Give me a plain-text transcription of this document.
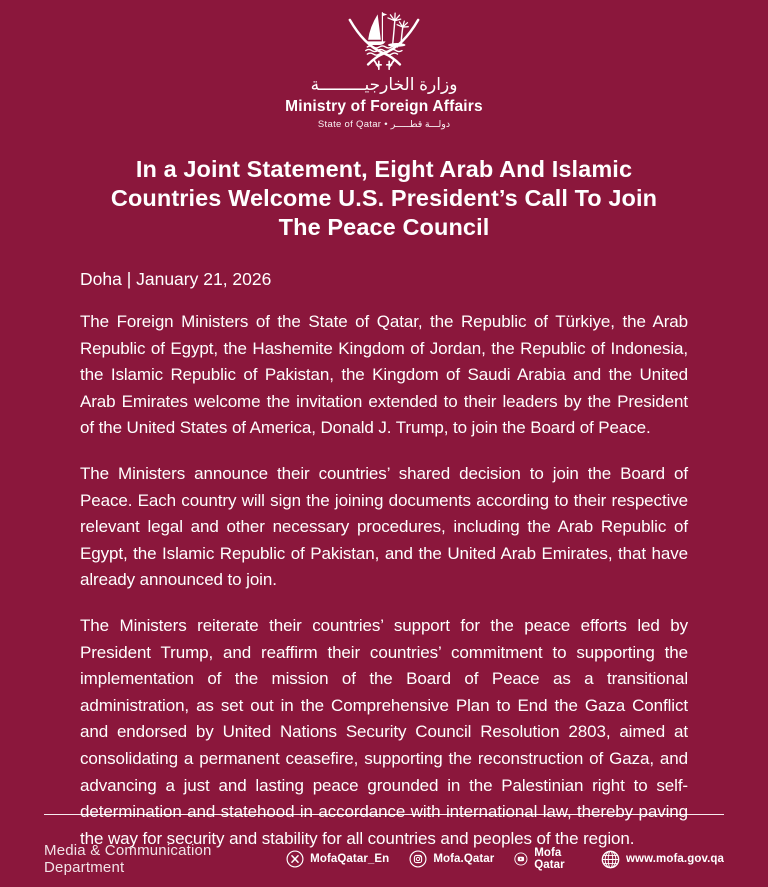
وزارة الخارجيـــــــــة
Ministry of Foreign Affairs
State of Qatar • دولـــة قطـــــر
In a Joint Statement, Eight Arab And Islamic
Countries Welcome U.S. President’s Call To Join
The Peace Council
Doha | January 21, 2026

The Foreign Ministers of the State of Qatar, the Republic of Türkiye, the Arab Republic of Egypt, the Hashemite Kingdom of Jordan, the Republic of Indonesia, the Islamic Republic of Pakistan, the Kingdom of Saudi Arabia and the United Arab Emirates welcome the invitation extended to their leaders by the President of the United States of America, Donald J. Trump, to join the Board of Peace.

The Ministers announce their countries’ shared decision to join the Board of Peace. Each country will sign the joining documents according to their respective relevant legal and other necessary procedures, including the Arab Republic of Egypt, the Islamic Republic of Pakistan, and the United Arab Emirates, that have already announced to join.

The Ministers reiterate their countries’ support for the peace efforts led by President Trump, and reaffirm their countries’ commitment to supporting the implementation of the mission of the Board of Peace as a transitional administration, as set out in the Comprehensive Plan to End the Gaza Conflict and endorsed by United Nations Security Council Resolution 2803, aimed at consolidating a permanent ceasefire, supporting the reconstruction of Gaza, and advancing a just and lasting peace grounded in the Palestinian right to self-determination and statehood in accordance with international law, thereby paving the way for security and stability for all countries and peoples of the region.

Media & Communication Department	MofaQatar_En	Mofa.Qatar	Mofa Qatar	www.mofa.gov.qa
